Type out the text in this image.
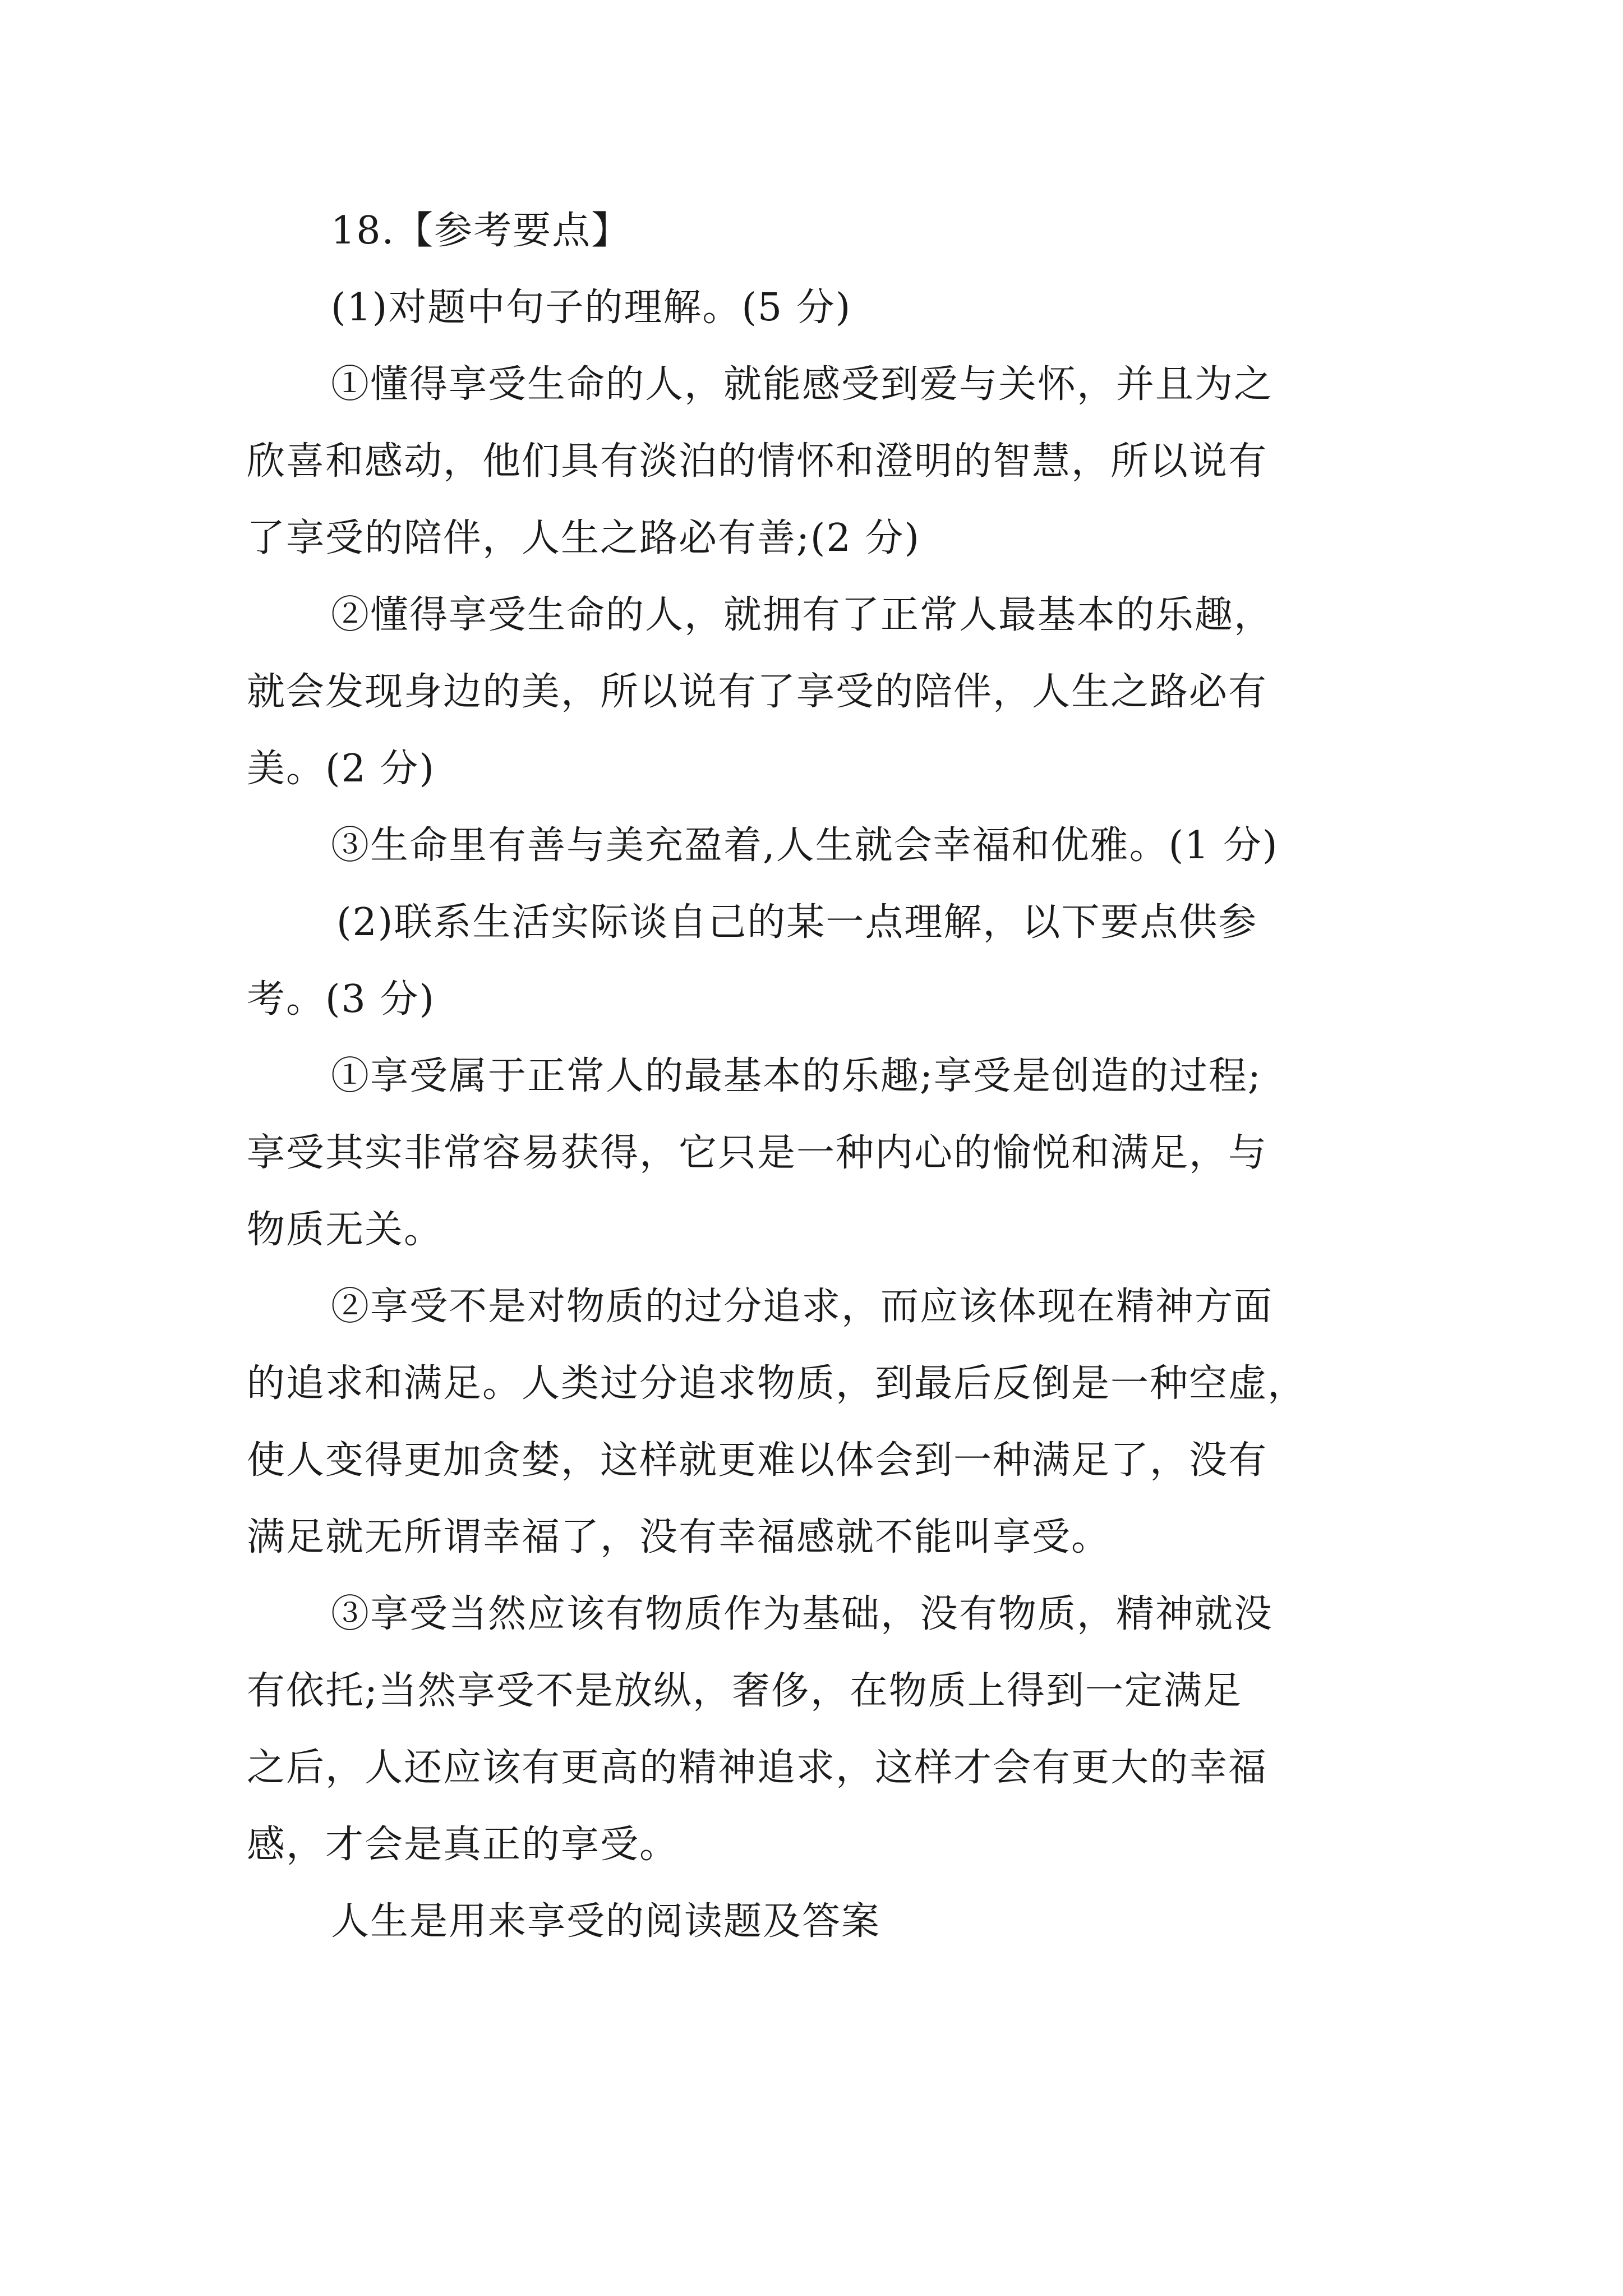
18.【参考要点】
(1)对题中句子的理解。(5 分)
①懂得享受生命的人，就能感受到爱与关怀，并且为之
欣喜和感动，他们具有淡泊的情怀和澄明的智慧，所以说有
了享受的陪伴，人生之路必有善;(2 分)
②懂得享受生命的人，就拥有了正常人最基本的乐趣，
就会发现身边的美，所以说有了享受的陪伴，人生之路必有
美。(2 分)
③生命里有善与美充盈着,人生就会幸福和优雅。(1 分)
(2)联系生活实际谈自己的某一点理解，以下要点供参
考。(3 分)
①享受属于正常人的最基本的乐趣;享受是创造的过程;
享受其实非常容易获得，它只是一种内心的愉悦和满足，与
物质无关。
②享受不是对物质的过分追求，而应该体现在精神方面
的追求和满足。人类过分追求物质，到最后反倒是一种空虚，
使人变得更加贪婪，这样就更难以体会到一种满足了，没有
满足就无所谓幸福了，没有幸福感就不能叫享受。
③享受当然应该有物质作为基础，没有物质，精神就没
有依托;当然享受不是放纵，奢侈，在物质上得到一定满足
之后，人还应该有更高的精神追求，这样才会有更大的幸福
感，才会是真正的享受。
人生是用来享受的阅读题及答案
